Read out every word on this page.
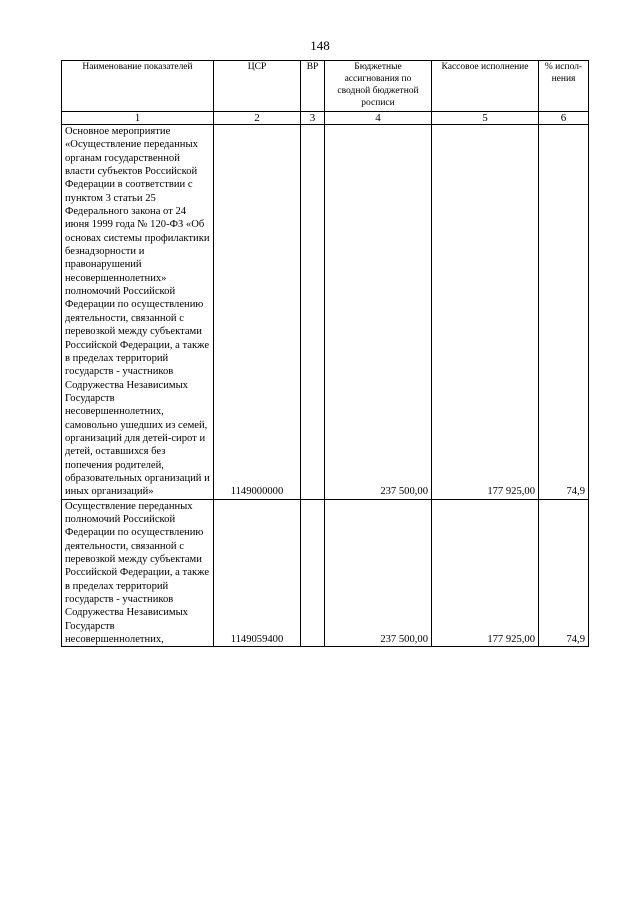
148
Наименование показателей	ЦСР	ВР	Бюджетные ассигнования по сводной бюджетной росписи	Кассовое исполнение	% испол-нения
1	2	3	4	5	6
Основное мероприятие «Осуществление переданных органам государственной власти субъектов Российской Федерации в соответствии с пунктом 3 статьи 25 Федерального закона от 24 июня 1999 года № 120-ФЗ «Об основах системы профилактики безнадзорности и правонарушений несовершеннолетних» полномочий Российской Федерации по осуществлению деятельности, связанной с перевозкой между субъектами Российской Федерации, а также в пределах территорий государств - участников Содружества Независимых Государств несовершеннолетних, самовольно ушедших из семей, организаций для детей-сирот и детей, оставшихся без попечения родителей, образовательных организаций и иных организаций»	1149000000		237 500,00	177 925,00	74,9
Осуществление переданных полномочий Российской Федерации по осуществлению деятельности, связанной с перевозкой между субъектами Российской Федерации, а также в пределах территорий государств - участников Содружества Независимых Государств несовершеннолетних,	1149059400		237 500,00	177 925,00	74,9
